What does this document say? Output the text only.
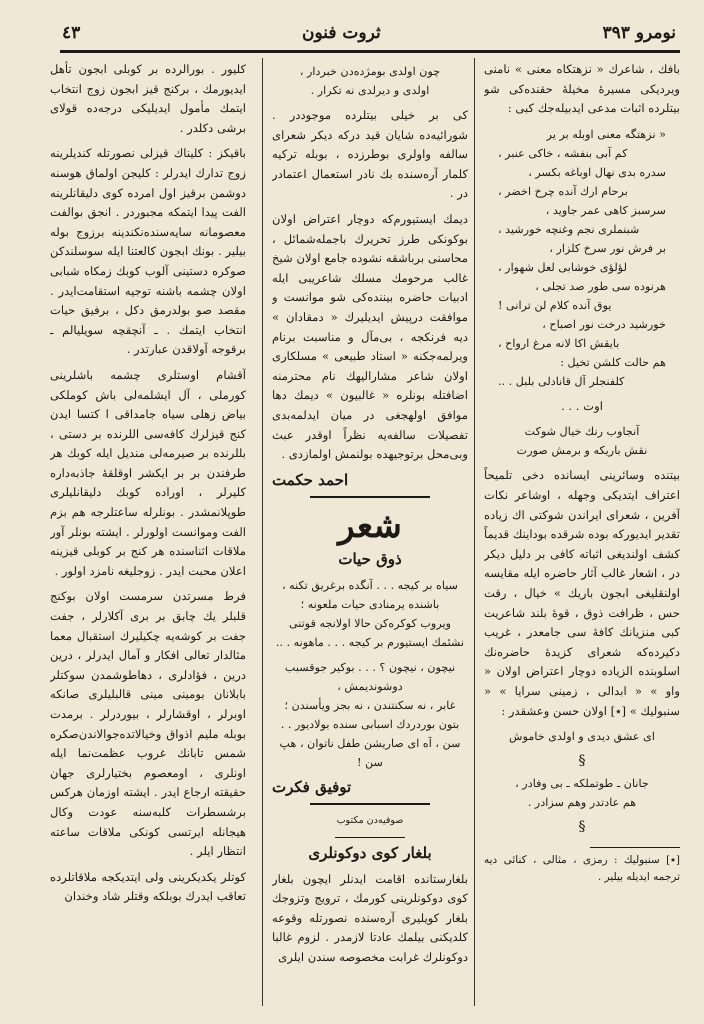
نومرو ۳۹۳
ثروت فنون
٤٣

بافك ، شاعرك « نزهتكاه معنی » نامنی ویردیکی مسیرهٔ مخیلهٔ حقنده‌کی شو بیتلرده اثبات مدعی ایدبیله‌جك کبی :

« نزهتگه معنی اوبله بر یر
کم آبی بنفشه ، خاکی عنبر ،
سدره بدی نهال اوباغه بکسر ،
برحام ارك آنده چرخ اخضر ،
سرسبز کاهی عمر جاوید ،
شبنملری نجم وغنچه خورشید ،
بر فرش نور سرخ کلزار ،
لؤلؤی خوشابی لعل شهوار ،
هرنوده سی طور صد تجلی ،
یوق آنده کلام لن ترانی !
خورشید درخت نور اصباح ،
بایقش اکا لانه مرغ ارواح ،
هم حالت کلشن تخیل :
کلفنجلر آل قانادلی بلبل . ..
اوت . . .
آنجاوب رنك خیال شوکت
نقش باریکه و برمش صورت

بیتنده وسائرینی ایسانده دخی تلمیحاً اعتراف ایتدیکی وجهله ، اوشاعر نکات آفرین ، شعرای ایراندن شوکتی اك زیاده تقدیر ایدیورکه بوده شرقده بوداینك قدیماً کشف اولندیغی اثباته کافی بر دلیل دیکر در ، اشعار غالب آثار حاضره ایله مقایسه اولنقلیغی ابجون باریك » خیال ، رقت حس ، ظرافت ذوق ، قوهٔ بلند شاعریت کبی منزیانك کافهٔ سی جامعدر ، غریب دکیرده‌که شعرای کزیدهٔ حاضره‌نك اسلوبنده الزیاده دوچار اعتراض اولان « واو » « ابدالی ، زمینی سرایا » « سنبولیك » [٭] اولان حسن وعشقدر :

ای عشق دیدی و اولدی خاموش
§
جانان ـ طوتملکه ـ بی وفادر ،
هم عادتدر وهم سزادر .
§
[٭] سنبولیك : رمزی ، مثالی ، کنائی دیه ترجمه ایدیله بیلیر .
چون اولدی بومژده‌دن خبردار ،
اولدی و دیرلدی نه تکرار .

کی بر خیلی بیتلرده موجوددر . شورائیه‌ده شایان قید درکه دیکر شعرای سالفه واولری بوطرزده ، بوبله ترکیه کلمار آره‌سنده بك نادر استعمال اعتمادر در .

دیمك ایستیورم‌که دوچار اعتراض اولان بوکونکی طرز تحریرك باجمله‌شمائل ، محاسنی برباشقه نشوده جامع اولان شیخ غالب مرحومك مسلك شاعریبی ایله ادبیات حاضره بیننده‌کی شو موانست و موافقت درپیش ایدیلیرك « دمقادان » دیه فرنکجه ، بی‌مآل و مناسبت برنام ویرلمه‌جکنه « استاد طبیعی » مسلکاری اولان شاعر مشارالیهك نام محترمنه اضافتله بونلره « غالبیون » دیمك دها موافق اولهجغی در میان ایدلمه‌بدی تفصیلات سالفه‌یه نظراً اوقدر عبث وبی‌محل برتوجیهده بولنمش اولمازدی .

احمد حکمت
شعر
ذوق حیات
سیاه بر کیجه . . . آنگده برغریق تکنه ،
باشنده یرمنادی حیات ملعونه ؛
ویروب کوکره‌کن حالا اولانجه قوتنی
نشئمك ایستیورم بر کیجه . . . ماهونه . ..
نیچون ، نیچون ؟ . . . بوکیر جوقسبب دوشوندیمش ،
غابر ، نه سکنتندن ، نه بجز ویأسندن ؛
بتون بوردردك اسبابی سنده بولادیور . .
سن ، آه ای صاریشن طفل ناتوان ، هپ سن !
توفیق فکرت
صوفیه‌دن مکتوب
بلغار کوی دوکونلری

بلغارستانده اقامت ایدنلر ایچون بلغار کوی دوکونلرینی کورمك ، ترویج وتزوجك بلغار کویلیری آره‌سنده نصورتله وقوعه کلدیکنی بیلمك عادتا لازمدر . لزوم غالبا دوکونلرك غرابت مخصوصه سندن ایلری

کلیور . بورالرده بر کوبلی ابجون تأهل ایدیورمك ، برکنج قیز ابجون زوج انتخاب ایتمك مأمول ایدیلیکی درجه‌ده قولای برشی دکلدر .

باقیکز : کلیناك قیزلی نصورتله کندیلرینه زوج تدارك ایدرلر : کلیجن اولماق هوسنه دوشمن برقیز اول امرده کوی دلیقانلرینه الفت پیدا ایتمکه مجبوردر . انجق بوالفت معصومانه سایه‌سنده‌نکندینه برزوج بوله بیلیر . بونك ابجون کالعتنا ایله سوسلندکن صوکره دستینی آلوب کوبك زمکاه شبابی اولان چشمه باشنه توجیه استقامت‌ایدر . مقصد صو بولدرمق دکل ، برفیق حیات انتخاب ایتمك . ـ آنچقچه سویلیالم ـ برقوجه آولاقدن عبارتدر .

آقشام اوستلری چشمه باشلرینی کورملی ، آل ایشلمه‌لی باش کوملکی بیاض زهلی سیاه جامداقی ا کتسا ایدن کنج قیزلرك کافه‌سی اللرنده بر دستی ، بللرنده بر صیرمه‌لی مندیل ایله کوبك هر طرفندن بر بر ایکشر اوقلقهٔ جاذبه‌داره کلیرلر ، اوراده کوبك دلیقانلیلری طوپلانمشدر . بونلرله ساعتلرجه هم بزم الفت وموانست اولورلر . ایشته بونلر آور ملاقات اثناسنده هر کنج بر کوبلی قیزینه اعلان محبت ایدر . زوجلیغه نامزد اولور .

فرط مسرتدن سرمست اولان بوکنج قلبلر یك چابق بر بری آکلارلر ، جفت جفت بر کوشه‌یه چکیلیرك استقبال معما مثالدار تعالی افکار و آمال ایدرلر ، درین درین ، فؤادلری ، دهاطوشمدن سوکتلر بابلانان بومینی مینی قالبلیلری صانکه اوبرلر ، اوقشارلر ، بیوردرلر . برمدت بوبله ملیم اذواق وخیالاتده‌جوالاندن‌صکره شمس تابانك غروب عظمت‌نما ایله اونلری ، اومعصوم بختیارلری جهان حقیقته ارجاع ایدر . ایشته اوزمان هرکس برشسطرات کلبه‌سنه عودت وکال هیجانله ایرتسی کونکی ملاقات ساعته انتظار ایلر .

کوتلر یکدیکرینی ولی ایتدیکجه ملاقاتلرده تعاقب ایدرك بوبلکه وقتلر شاد وخندان
